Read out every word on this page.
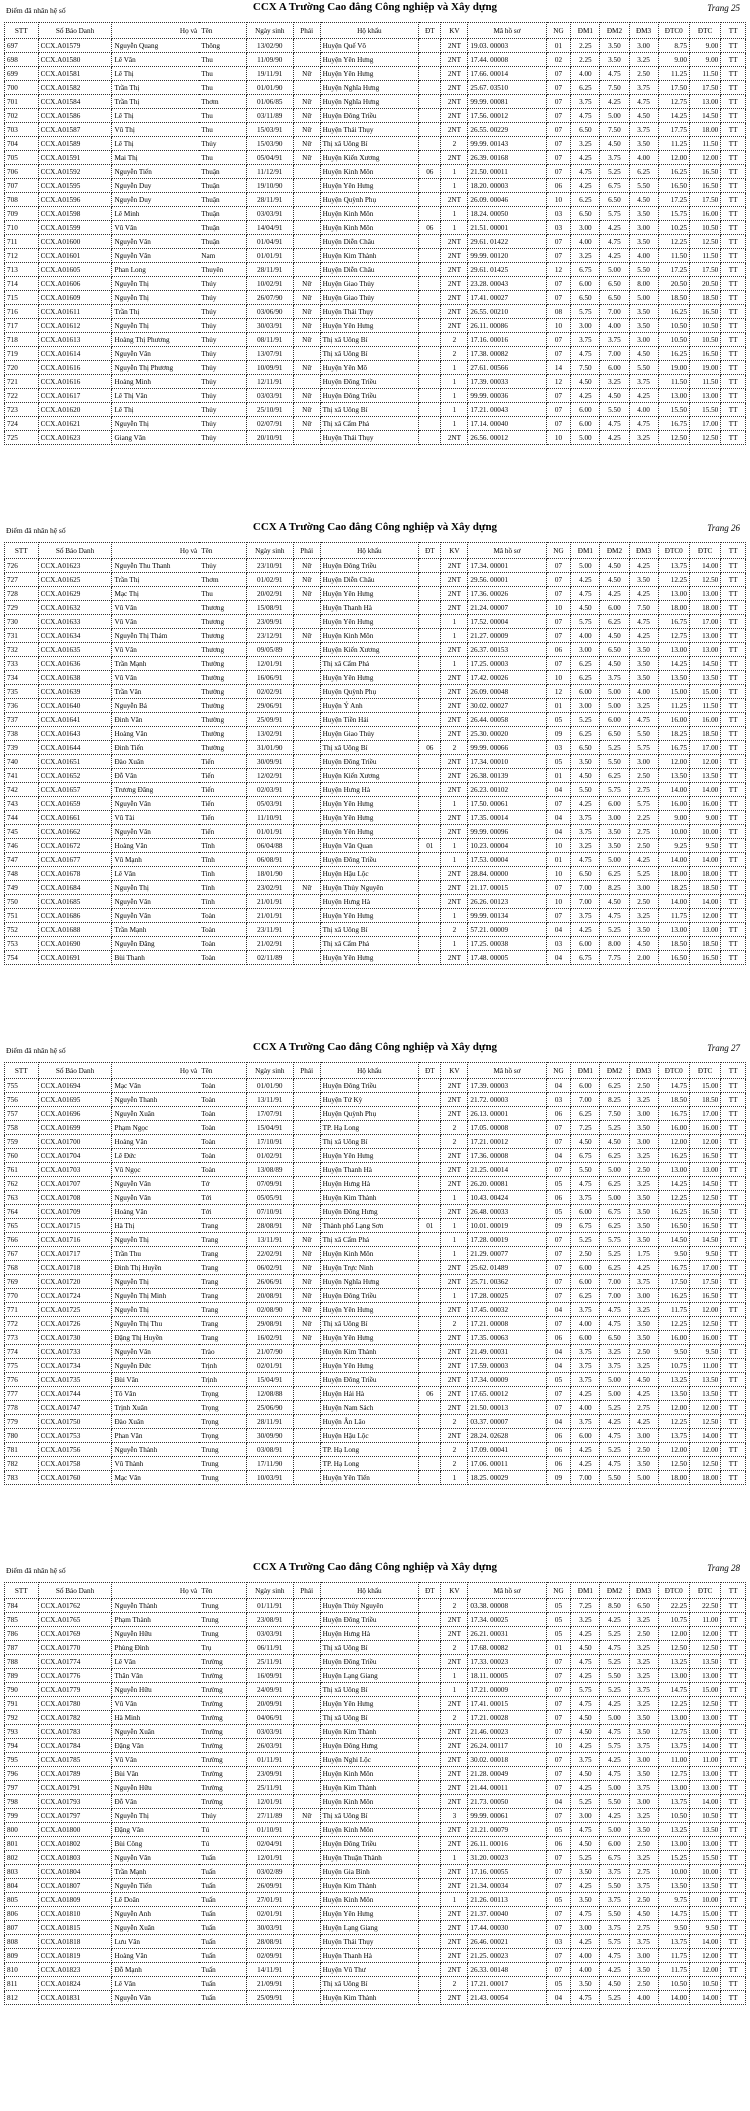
Điểm đã nhân hệ số	CCX A Trường Cao đẳng Công nghiệp và Xây dựng	Trang 25
STT	Số Báo Danh	Họ và	Tên	Ngày sinh	Phái	Hộ khẩu	ĐT	KV	Mã hồ sơ	NG	ĐM1	ĐM2	ĐM3	ĐTC0	ĐTC	TT
697	CCX.A01579	Nguyễn Quang	Thông	13/02/90		Huyện Quế Võ		2NT	19.03. 00003	01	2.25	3.50	3.00	8.75	9.00	TT
698	CCX.A01580	Lê Văn	Thu	11/09/90		Huyện Yên Hưng		2NT	17.44. 00008	02	2.25	3.50	3.25	9.00	9.00	TT
699	CCX.A01581	Lê Thị	Thu	19/11/91	Nữ	Huyện Yên Hưng		2NT	17.66. 00014	07	4.00	4.75	2.50	11.25	11.50	TT
700	CCX.A01582	Trần Thị	Thu	01/01/90		Huyện Nghĩa Hưng		2NT	25.67. 03510	07	6.25	7.50	3.75	17.50	17.50	TT
701	CCX.A01584	Trần Thị	Thơm	01/06/85	Nữ	Huyện Nghĩa Hưng		2NT	99.99. 00081	07	3.75	4.25	4.75	12.75	13.00	TT
702	CCX.A01586	Lê Thị	Thu	03/11/89	Nữ	Huyện Đông Triều		2NT	17.56. 00012	07	4.75	5.00	4.50	14.25	14.50	TT
703	CCX.A01587	Vũ Thị	Thu	15/03/91	Nữ	Huyện Thái Thụy		2NT	26.55. 00229	07	6.50	7.50	3.75	17.75	18.00	TT
704	CCX.A01589	Lê Thị	Thủy	15/03/90	Nữ	Thị xã Uông Bí		2	99.99. 00143	07	3.25	4.50	3.50	11.25	11.50	TT
705	CCX.A01591	Mai Thị	Thu	05/04/91	Nữ	Huyện Kiến Xương		2NT	26.39. 00168	07	4.25	3.75	4.00	12.00	12.00	TT
706	CCX.A01592	Nguyễn Tiến	Thuận	11/12/91		Huyện Kinh Môn	06	1	21.50. 00011	07	4.75	5.25	6.25	16.25	16.50	TT
707	CCX.A01595	Nguyễn Duy	Thuận	19/10/90		Huyện Yên Hưng		1	18.20. 00003	06	4.25	6.75	5.50	16.50	16.50	TT
708	CCX.A01596	Nguyễn Duy	Thuận	28/11/91		Huyện Quỳnh Phụ		2NT	26.09. 00046	10	6.25	6.50	4.50	17.25	17.50	TT
709	CCX.A01598	Lê Minh	Thuận	03/03/91		Huyện Kinh Môn		1	18.24. 00050	03	6.50	5.75	3.50	15.75	16.00	TT
710	CCX.A01599	Vũ Văn	Thuận	14/04/91		Huyện Kinh Môn	06	1	21.51. 00001	03	3.00	4.25	3.00	10.25	10.50	TT
711	CCX.A01600	Nguyễn Văn	Thuận	01/04/91		Huyện Diễn Châu		2NT	29.61. 01422	07	4.00	4.75	3.50	12.25	12.50	TT
712	CCX.A01601	Nguyễn Văn	Nam	01/01/91		Huyện Kim Thành		2NT	99.99. 00120	07	3.25	4.25	4.00	11.50	11.50	TT
713	CCX.A01605	Phan Long	Thuyên	28/11/91		Huyện Diễn Châu		2NT	29.61. 01425	12	6.75	5.00	5.50	17.25	17.50	TT
714	CCX.A01606	Nguyễn Thị	Thúy	10/02/91	Nữ	Huyện Giao Thủy		2NT	23.28. 00043	07	6.00	6.50	8.00	20.50	20.50	TT
715	CCX.A01609	Nguyễn Thị	Thúy	26/07/90	Nữ	Huyện Giao Thủy		2NT	17.41. 00027	07	6.50	6.50	5.00	18.50	18.50	TT
716	CCX.A01611	Trần Thị	Thúy	03/06/90	Nữ	Huyện Thái Thụy		2NT	26.55. 00210	08	5.75	7.00	3.50	16.25	16.50	TT
717	CCX.A01612	Nguyễn Thị	Thủy	30/03/91	Nữ	Huyện Yên Hưng		2NT	26.11. 00086	10	3.00	4.00	3.50	10.50	10.50	TT
718	CCX.A01613	Hoàng Thị Phương	Thủy	08/11/91	Nữ	Thị xã Uông Bí		2	17.16. 00016	07	3.75	3.75	3.00	10.50	10.50	TT
719	CCX.A01614	Nguyễn Văn	Thủy	13/07/91		Thị xã Uông Bí		2	17.38. 00082	07	4.75	7.00	4.50	16.25	16.50	TT
720	CCX.A01616	Nguyễn Thị Phương	Thủy	10/09/91	Nữ	Huyện Yên Mô		1	27.61. 00566	14	7.50	6.00	5.50	19.00	19.00	TT
721	CCX.A01616	Hoàng Minh	Thủy	12/11/91		Huyện Đông Triều		1	17.39. 00033	12	4.50	3.25	3.75	11.50	11.50	TT
722	CCX.A01617	Lê Thị Vân	Thủy	03/03/91	Nữ	Huyện Đông Triều		1	99.99. 00036	07	4.25	4.50	4.25	13.00	13.00	TT
723	CCX.A01620	Lê Thị	Thủy	25/10/91	Nữ	Thị xã Uông Bí		1	17.21. 00043	07	6.00	5.50	4.00	15.50	15.50	TT
724	CCX.A01621	Nguyễn Thị	Thủy	02/07/91	Nữ	Thị xã Cẩm Phả		1	17.14. 00040	07	6.00	4.75	4.75	16.75	17.00	TT
725	CCX.A01623	Giang Văn	Thủy	20/10/91		Huyện Thái Thụy		2NT	26.56. 00012	10	5.00	4.25	3.25	12.50	12.50	TT
Điểm đã nhân hệ số	CCX A Trường Cao đẳng Công nghiệp và Xây dựng	Trang 26
STT	Số Báo Danh	Họ và	Tên	Ngày sinh	Phái	Hộ khẩu	ĐT	KV	Mã hồ sơ	NG	ĐM1	ĐM2	ĐM3	ĐTC0	ĐTC	TT
726	CCX.A01623	Nguyễn Thu Thanh	Thủy	23/10/91	Nữ	Huyện Đông Triều		2NT	17.34. 00001	07	5.00	4.50	4.25	13.75	14.00	TT
727	CCX.A01625	Trần Thị	Thơm	01/02/91	Nữ	Huyện Diễn Châu		2NT	29.56. 00001	07	4.25	4.50	3.50	12.25	12.50	TT
728	CCX.A01629	Mạc Thị	Thu	20/02/91	Nữ	Huyện Yên Hưng		2NT	17.36. 00026	07	4.75	4.25	4.25	13.00	13.00	TT
729	CCX.A01632	Vũ Văn	Thương	15/08/91		Huyện Thanh Hà		2NT	21.24. 00007	10	4.50	6.00	7.50	18.00	18.00	TT
730	CCX.A01633	Vũ Văn	Thương	23/09/91		Huyện Yên Hưng		1	17.52. 00004	07	5.75	6.25	4.75	16.75	17.00	TT
731	CCX.A01634	Nguyễn Thị Thảm	Thương	23/12/91	Nữ	Huyện Kinh Môn		1	21.27. 00009	07	4.00	4.50	4.25	12.75	13.00	TT
732	CCX.A01635	Vũ Văn	Thương	09/05/89		Huyện Kiến Xương		2NT	26.37. 00153	06	3.00	6.50	3.50	13.00	13.00	TT
733	CCX.A01636	Trần Mạnh	Thường	12/01/91		Thị xã Cẩm Phả		1	17.25. 00003	07	6.25	4.50	3.50	14.25	14.50	TT
734	CCX.A01638	Vũ Văn	Thường	16/06/91		Huyện Yên Hưng		2NT	17.42. 00026	10	6.25	3.75	3.50	13.50	13.50	TT
735	CCX.A01639	Trần Văn	Thường	02/02/91		Huyện Quỳnh Phụ		2NT	26.09. 00048	12	6.00	5.00	4.00	15.00	15.00	TT
736	CCX.A01640	Nguyễn Bá	Thường	29/06/91		Huyện Ý Anh		2NT	30.02. 00027	01	3.00	5.00	3.25	11.25	11.50	TT
737	CCX.A01641	Đinh Văn	Thường	25/09/91		Huyện Tiền Hải		2NT	26.44. 00058	05	5.25	6.00	4.75	16.00	16.00	TT
738	CCX.A01643	Hoàng Văn	Thường	13/02/91		Huyện Giao Thủy		2NT	25.30. 00020	09	6.25	6.50	5.50	18.25	18.50	TT
739	CCX.A01644	Đinh Tiến	Thường	31/01/90		Thị xã Uông Bí	06	2	99.99. 00066	03	6.50	5.25	5.75	16.75	17.00	TT
740	CCX.A01651	Đào Xuân	Tiến	30/09/91		Huyện Đông Triều		2NT	17.34. 00010	05	3.50	5.50	3.00	12.00	12.00	TT
741	CCX.A01652	Đỗ Văn	Tiến	12/02/91		Huyện Kiến Xương		2NT	26.38. 00139	01	4.50	6.25	2.50	13.50	13.50	TT
742	CCX.A01657	Trương Đăng	Tiến	02/03/91		Huyện Hưng Hà		2NT	26.23. 00102	04	5.50	5.75	2.75	14.00	14.00	TT
743	CCX.A01659	Nguyễn Văn	Tiến	05/03/91		Huyện Yên Hưng		1	17.50. 00061	07	4.25	6.00	5.75	16.00	16.00	TT
744	CCX.A01661	Vũ Tài	Tiến	11/10/91		Huyện Yên Hưng		2NT	17.35. 00014	04	3.75	3.00	2.25	9.00	9.00	TT
745	CCX.A01662	Nguyễn Văn	Tiến	01/01/91		Huyện Yên Hưng		2NT	99.99. 00096	04	3.75	3.50	2.75	10.00	10.00	TT
746	CCX.A01672	Hoàng Văn	Tĩnh	06/04/88		Huyện Văn Quan	01	1	10.23. 00004	10	3.25	3.50	2.50	9.25	9.50	TT
747	CCX.A01677	Vũ Mạnh	Tĩnh	06/08/91		Huyện Đông Triều		1	17.53. 00004	01	4.75	5.00	4.25	14.00	14.00	TT
748	CCX.A01678	Lê Văn	Tình	18/01/90		Huyện Hậu Lộc		2NT	28.84. 00000	10	6.50	6.25	5.25	18.00	18.00	TT
749	CCX.A01684	Nguyễn Thị	Tính	23/02/91	Nữ	Huyện Thủy Nguyên		2NT	21.17. 00015	07	7.00	8.25	3.00	18.25	18.50	TT
750	CCX.A01685	Nguyễn Văn	Tính	21/01/91		Huyện Hưng Hà		2NT	26.26. 00123	10	7.00	4.50	2.50	14.00	14.00	TT
751	CCX.A01686	Nguyễn Văn	Toàn	21/01/91		Huyện Yên Hưng		1	99.99. 00134	07	3.75	4.75	3.25	11.75	12.00	TT
752	CCX.A01688	Trần Mạnh	Toàn	23/11/91		Thị xã Uông Bí		2	57.21. 00009	04	4.25	5.25	3.50	13.00	13.00	TT
753	CCX.A01690	Nguyễn Đăng	Toàn	21/02/91		Thị xã Cẩm Phả		1	17.25. 00038	03	6.00	8.00	4.50	18.50	18.50	TT
754	CCX.A01691	Bùi Thanh	Toàn	02/11/89		Huyện Yên Hưng		2NT	17.48. 00005	04	6.75	7.75	2.00	16.50	16.50	TT
Điểm đã nhân hệ số	CCX A Trường Cao đẳng Công nghiệp và Xây dựng	Trang 27
STT	Số Báo Danh	Họ và	Tên	Ngày sinh	Phái	Hộ khẩu	ĐT	KV	Mã hồ sơ	NG	ĐM1	ĐM2	ĐM3	ĐTC0	ĐTC	TT
755	CCX.A01694	Mạc Văn	Toàn	01/01/90		Huyện Đông Triều		2NT	17.39. 00003	04	6.00	6.25	2.50	14.75	15.00	TT
756	CCX.A01695	Nguyễn Thanh	Toàn	13/11/91		Huyện Tứ Kỳ		2NT	21.72. 00003	03	7.00	8.25	3.25	18.50	18.50	TT
757	CCX.A01696	Nguyễn Xuân	Toàn	17/07/91		Huyện Quỳnh Phụ		2NT	26.13. 00001	06	6.25	7.50	3.00	16.75	17.00	TT
758	CCX.A01699	Phạm Ngọc	Toàn	15/04/91		TP. Hạ Long		2	17.05. 00008	07	7.25	5.25	3.50	16.00	16.00	TT
759	CCX.A01700	Hoàng Văn	Toàn	17/10/91		Thị xã Uông Bí		2	17.21. 00012	07	4.50	4.50	3.00	12.00	12.00	TT
760	CCX.A01704	Lê Đức	Toàn	01/02/91		Huyện Yên Hưng		2NT	17.36. 00008	04	6.75	6.25	3.25	16.25	16.50	TT
761	CCX.A01703	Vũ Ngọc	Toàn	13/08/89		Huyện Thanh Hà		2NT	21.25. 00014	07	5.50	5.00	2.50	13.00	13.00	TT
762	CCX.A01707	Nguyễn Văn	Tớ	07/09/91		Huyện Hưng Hà		2NT	26.20. 00081	05	4.75	6.25	3.25	14.25	14.50	TT
763	CCX.A01708	Nguyễn Văn	Tới	05/05/91		Huyện Kim Thành		1	10.43. 00424	06	3.75	5.00	3.50	12.25	12.50	TT
764	CCX.A01709	Hoàng Văn	Tới	07/10/91		Huyện Đông Hưng		2NT	26.48. 00033	05	6.00	6.75	3.50	16.25	16.50	TT
765	CCX.A01715	Hà Thị	Trang	28/08/91	Nữ	Thành phố Lạng Sơn	01	1	10.01. 00019	09	6.75	6.25	3.50	16.50	16.50	TT
766	CCX.A01716	Nguyễn Thị	Trang	13/11/91	Nữ	Thị xã Cẩm Phả		1	17.28. 00019	07	5.25	5.75	3.50	14.50	14.50	TT
767	CCX.A01717	Trần Thu	Trang	22/02/91	Nữ	Huyện Kinh Môn		1	21.29. 00077	07	2.50	5.25	1.75	9.50	9.50	TT
768	CCX.A01718	Đinh Thị Huyền	Trang	06/02/91	Nữ	Huyện Trực Ninh		2NT	25.62. 01489	07	6.00	6.25	4.25	16.75	17.00	TT
769	CCX.A01720	Nguyễn Thị	Trang	26/06/91	Nữ	Huyện Nghĩa Hưng		2NT	25.71. 00362	07	6.00	7.00	3.75	17.50	17.50	TT
770	CCX.A01724	Nguyễn Thị Minh	Trang	20/08/91	Nữ	Huyện Đông Triều		1	17.28. 00025	07	6.25	7.00	3.00	16.25	16.50	TT
771	CCX.A01725	Nguyễn Thị	Trang	02/08/90	Nữ	Huyện Yên Hưng		2NT	17.45. 00032	04	3.75	4.75	3.25	11.75	12.00	TT
772	CCX.A01726	Nguyễn Thị Thu	Trang	29/08/91	Nữ	Thị xã Uông Bí		2	17.21. 00008	07	4.00	4.75	3.50	12.25	12.50	TT
773	CCX.A01730	Đặng Thị Huyền	Trang	16/02/91	Nữ	Huyện Yên Hưng		2NT	17.35. 00063	06	6.00	6.50	3.50	16.00	16.00	TT
774	CCX.A01733	Nguyễn Văn	Trào	21/07/90		Huyện Kim Thành		2NT	21.49. 00031	04	3.75	3.25	2.50	9.50	9.50	TT
775	CCX.A01734	Nguyễn Đức	Trịnh	02/01/91		Huyện Yên Hưng		2NT	17.59. 00003	04	3.75	3.75	3.25	10.75	11.00	TT
776	CCX.A01735	Bùi Văn	Trịnh	15/04/91		Huyện Đông Triều		2NT	17.34. 00009	05	3.75	5.00	4.50	13.25	13.50	TT
777	CCX.A01744	Tô Văn	Trọng	12/08/88		Huyện Hải Hà	06	2NT	17.65. 00012	07	4.25	5.00	4.25	13.50	13.50	TT
778	CCX.A01747	Trịnh Xuân	Trọng	25/06/90		Huyện Nam Sách		2NT	21.50. 00013	07	4.00	5.25	2.75	12.00	12.00	TT
779	CCX.A01750	Đào Xuân	Trọng	28/11/91		Huyện Ân Lão		2	03.37. 00007	04	3.75	4.25	4.25	12.25	12.50	TT
780	CCX.A01753	Phan Văn	Trọng	30/09/90		Huyện Hậu Lộc		2NT	28.24. 02628	06	6.00	4.75	3.00	13.75	14.00	TT
781	CCX.A01756	Nguyễn Thành	Trung	03/08/91		TP. Hạ Long		2	17.09. 00041	06	4.25	5.25	2.50	12.00	12.00	TT
782	CCX.A01758	Vũ Thành	Trung	17/11/90		TP. Hạ Long		2	17.06. 00011	06	4.25	4.75	3.50	12.50	12.50	TT
783	CCX.A01760	Mạc Văn	Trung	10/03/91		Huyện Yên Tiến		1	18.25. 00029	09	7.00	5.50	5.00	18.00	18.00	TT
Điểm đã nhân hệ số	CCX A Trường Cao đẳng Công nghiệp và Xây dựng	Trang 28
STT	Số Báo Danh	Họ và	Tên	Ngày sinh	Phái	Hộ khẩu	ĐT	KV	Mã hồ sơ	NG	ĐM1	ĐM2	ĐM3	ĐTC0	ĐTC	TT
784	CCX.A01762	Nguyễn Thành	Trung	01/11/91		Huyện Thủy Nguyên		2	03.38. 00008	05	7.25	8.50	6.50	22.25	22.50	TT
785	CCX.A01765	Phạm Thành	Trung	23/08/91		Huyện Đông Triều		2NT	17.34. 00025	05	3.25	4.25	3.25	10.75	11.00	TT
786	CCX.A01769	Nguyễn Hữu	Trung	03/03/91		Huyện Hưng Hà		2NT	26.21. 00031	05	4.25	5.25	2.50	12.00	12.00	TT
787	CCX.A01770	Phùng Đình	Trụ	06/11/91		Thị xã Uông Bí		2	17.68. 00082	01	4.50	4.75	3.25	12.50	12.50	TT
788	CCX.A01774	Lê Văn	Trường	25/11/91		Huyện Đông Triều		2NT	17.33. 00023	07	4.75	5.25	3.25	13.25	13.50	TT
789	CCX.A01776	Thân Văn	Trường	16/09/91		Huyện Lạng Giang		1	18.11. 00005	07	4.25	5.50	3.25	13.00	13.00	TT
790	CCX.A01779	Nguyễn Hữu	Trường	24/09/91		Thị xã Uông Bí		1	17.21. 00009	07	5.75	5.25	3.75	14.75	15.00	TT
791	CCX.A01780	Vũ Văn	Trường	20/09/91		Huyện Yên Hưng		2NT	17.41. 00015	07	4.75	4.25	3.25	12.25	12.50	TT
792	CCX.A01782	Hà Minh	Trường	04/06/91		Thị xã Uông Bí		2	17.21. 00028	07	4.50	5.00	3.50	13.00	13.00	TT
793	CCX.A01783	Nguyễn Xuân	Trường	03/03/91		Huyện Kim Thành		2NT	21.46. 00023	07	4.50	4.75	3.50	12.75	13.00	TT
794	CCX.A01784	Đặng Văn	Trường	26/03/91		Huyện Đông Hưng		2NT	26.24. 00117	10	4.25	5.75	3.75	13.75	14.00	TT
795	CCX.A01785	Vũ Văn	Trường	01/11/91		Huyện Nghi Lộc		2NT	30.02. 00018	07	3.75	4.25	3.00	11.00	11.00	TT
796	CCX.A01789	Bùi Văn	Trường	23/09/91		Huyện Kinh Môn		2NT	21.28. 00049	07	4.50	4.75	3.50	12.75	13.00	TT
797	CCX.A01791	Nguyễn Hữu	Trường	25/11/91		Huyện Kim Thành		2NT	21.44. 00011	07	4.25	5.00	3.75	13.00	13.00	TT
798	CCX.A01793	Đỗ Văn	Trường	12/01/91		Huyện Kinh Môn		2NT	21.73. 00050	04	5.25	5.50	3.00	13.75	14.00	TT
799	CCX.A01797	Nguyễn Thị	Thúy	27/11/89	Nữ	Thị xã Uông Bí		3	99.99. 00061	07	3.00	4.25	3.25	10.50	10.50	TT
800	CCX.A01800	Đặng Văn	Tú	01/10/91		Huyện Kinh Môn		2NT	21.21. 00079	05	4.75	5.00	3.50	13.25	13.50	TT
801	CCX.A01802	Bùi Công	Tú	02/04/91		Huyện Đông Triều		2NT	26.11. 00016	06	4.50	6.00	2.50	13.00	13.00	TT
802	CCX.A01803	Nguyễn Văn	Tuấn	12/01/91		Huyện Thuận Thành		1	31.20. 00023	07	5.25	6.75	3.25	15.25	15.50	TT
803	CCX.A01804	Trần Mạnh	Tuấn	03/02/89		Huyện Gia Bình		2NT	17.16. 00055	07	3.50	3.75	2.75	10.00	10.00	TT
804	CCX.A01807	Nguyễn Tiến	Tuấn	26/09/91		Huyện Kim Thành		2NT	21.34. 00034	07	4.25	5.50	3.75	13.50	13.50	TT
805	CCX.A01809	Lê Doãn	Tuấn	27/01/91		Huyện Kinh Môn		1	21.26. 00113	05	3.50	3.75	2.50	9.75	10.00	TT
806	CCX.A01810	Nguyễn Anh	Tuấn	02/01/91		Huyện Yên Hưng		2NT	21.37. 00040	07	4.75	5.50	4.50	14.75	15.00	TT
807	CCX.A01815	Nguyễn Xuân	Tuấn	30/03/91		Huyện Lạng Giang		2NT	17.44. 00030	07	3.00	3.75	2.75	9.50	9.50	TT
808	CCX.A01818	Lưu Văn	Tuấn	28/08/91		Huyện Thái Thụy		2NT	26.46. 00021	03	4.25	5.75	3.75	13.75	14.00	TT
809	CCX.A01819	Hoàng Văn	Tuấn	02/09/91		Huyện Thanh Hà		2NT	21.25. 00023	07	4.00	4.75	3.00	11.75	12.00	TT
810	CCX.A01823	Đỗ Mạnh	Tuấn	14/11/91		Huyện Vũ Thư		2NT	26.33. 00148	07	4.00	4.25	3.50	11.75	12.00	TT
811	CCX.A01824	Lê Văn	Tuấn	21/09/91		Thị xã Uông Bí		2	17.21. 00017	05	3.50	4.50	2.50	10.50	10.50	TT
812	CCX.A01831	Nguyễn Văn	Tuấn	25/09/91		Huyện Kim Thành		2NT	21.43. 00054	04	4.75	5.25	4.00	14.00	14.00	TT
